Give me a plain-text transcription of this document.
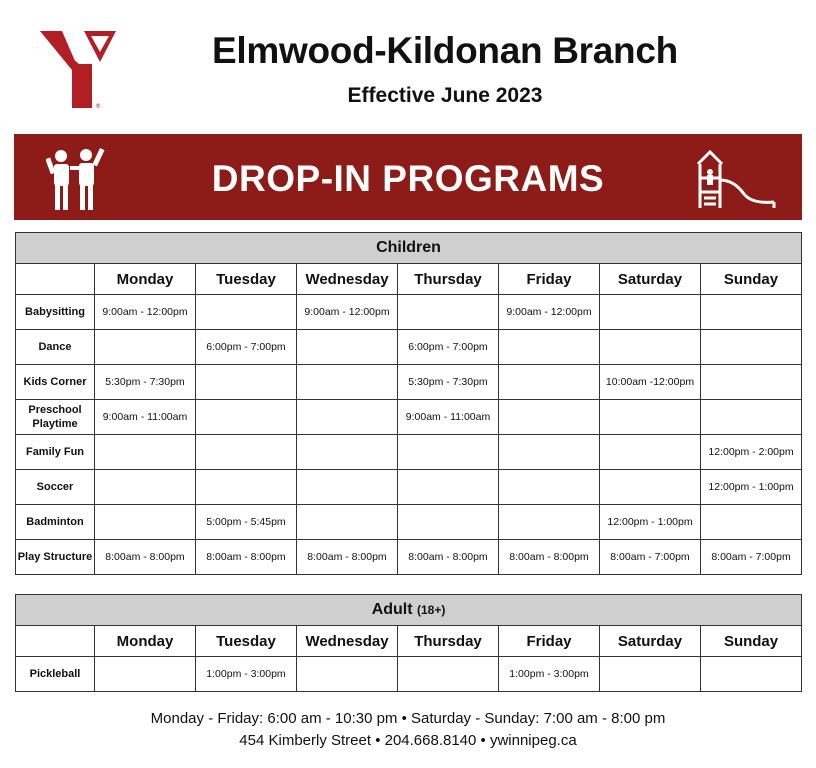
®
Elmwood-Kildonan Branch
Effective June 2023
DROP-IN PROGRAMS
Children							
	Monday	Tuesday	Wednesday	Thursday	Friday	Saturday	Sunday
Babysitting	9:00am - 12:00pm		9:00am - 12:00pm		9:00am - 12:00pm		
Dance		6:00pm - 7:00pm		6:00pm - 7:00pm			
Kids Corner	5:30pm - 7:30pm			5:30pm - 7:30pm		10:00am -12:00pm	
Preschool Playtime	9:00am - 11:00am			9:00am - 11:00am			
Family Fun							12:00pm - 2:00pm
Soccer							12:00pm - 1:00pm
Badminton		5:00pm - 5:45pm				12:00pm - 1:00pm	
Play Structure	8:00am - 8:00pm	8:00am - 8:00pm	8:00am - 8:00pm	8:00am - 8:00pm	8:00am - 8:00pm	8:00am - 7:00pm	8:00am - 7:00pm
Adult (18+)							
	Monday	Tuesday	Wednesday	Thursday	Friday	Saturday	Sunday
Pickleball		1:00pm - 3:00pm			1:00pm - 3:00pm		
Monday - Friday: 6:00 am - 10:30 pm • Saturday - Sunday: 7:00 am - 8:00 pm
454 Kimberly Street • 204.668.8140 • ywinnipeg.ca
